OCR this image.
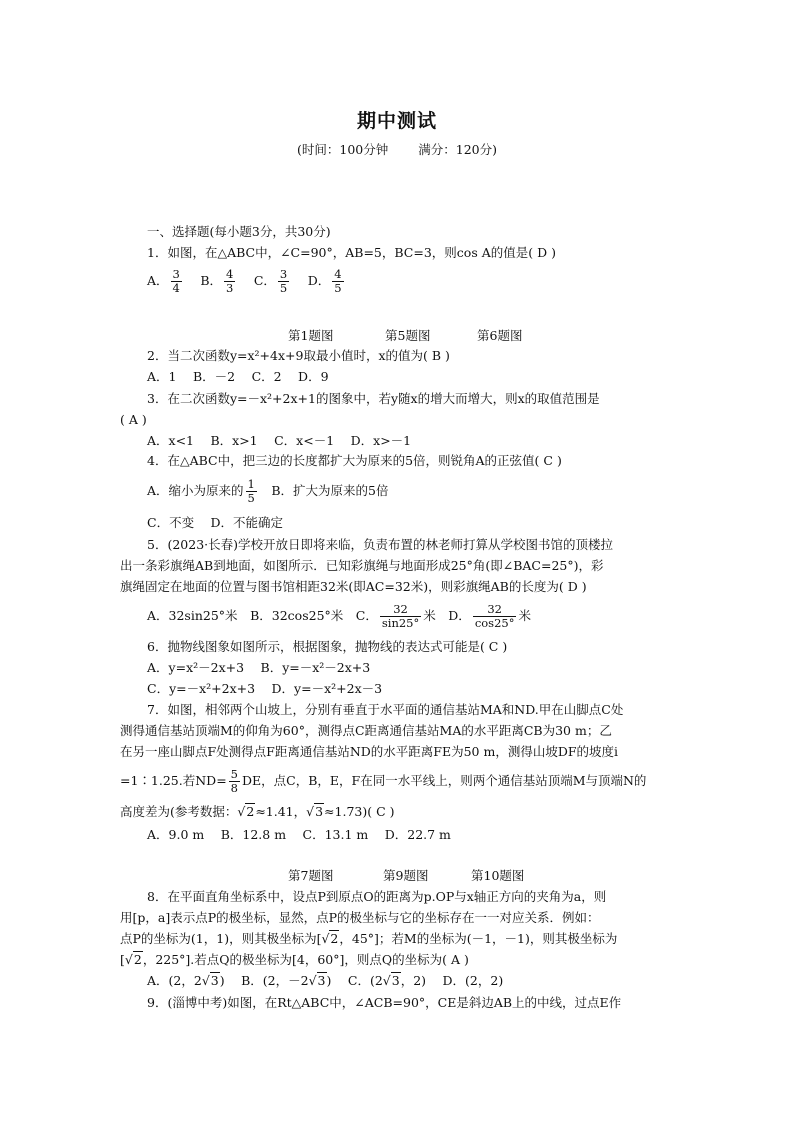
期中测试
(时间：100分钟 满分：120分)
一、选择题(每小题3分，共30分)
1．如图，在△ABC中，∠C=90°，AB=5，BC=3，则cos A的值是( D )
A． $\frac{3}{4}$
　 B． $\frac{4}{3}$
　 C． $\frac{3}{5}$
　 D． $\frac{4}{5}$
第1题图	第5题图	第6题图
2．当二次函数y=x²+4x+9取最小值时，x的值为( B )
A．1　 B．－2　 C．2　 D．9
3．在二次函数y=－x²+2x+1的图象中，若y随x的增大而增大，则x的取值范围是
( A )
A．x<1　 B．x>1　 C．x<－1　 D．x>－1
4．在△ABC中，把三边的长度都扩大为原来的5倍，则锐角A的正弦值( C )
A．缩小为原来的 $\frac{1}{5}$
　 B．扩大为原来的5倍
C．不变　 D．不能确定
5．(2023·长春)学校开放日即将来临，负责布置的林老师打算从学校图书馆的顶楼拉
出一条彩旗绳AB到地面，如图所示．已知彩旗绳与地面形成25°角(即∠BAC=25°)，彩
旗绳固定在地面的位置与图书馆相距32米(即AC=32米)，则彩旗绳AB的长度为( D )
A．32sin25°米　 B．32cos25°米　 C． $\frac{32}{\sin 25^\circ}$ 米　 D． $\frac{32}{\cos 25^\circ}$ 米
6．抛物线图象如图所示，根据图象，抛物线的表达式可能是( C )
A．y=x²－2x+3　 B．y=－x²－2x+3
C．y=－x²+2x+3　 D．y=－x²+2x－3
7．如图，相邻两个山坡上，分别有垂直于水平面的通信基站MA和ND.甲在山脚点C处
测得通信基站顶端M的仰角为60°，测得点C距离通信基站MA的水平距离CB为30 m；乙
在另一座山脚点F处测得点F距离通信基站ND的水平距离FE为50 m，测得山坡DF的坡度i
=1∶1.25.若$ND= \frac{5}{8}$ DE，点C，B，E，F在同一水平线上，则两个通信基站顶端M与顶端N的
高度差为(参考数据：√2≈1.41，√3≈1.73)( C )
A．9.0 m　 B．12.8 m　 C．13.1 m　 D．22.7 m
第7题图	第9题图	第10题图
8．在平面直角坐标系中，设点P到原点O的距离为p.OP与x轴正方向的夹角为a，则
用[p，a]表示点P的极坐标，显然，点P的极坐标与它的坐标存在一一对应关系．例如：
点P的坐标为(1，1)，则其极坐标为[√2，45°]；若M的坐标为(－1，－1)，则其极坐标为
[√2，225°].若点Q的极坐标为[4，60°]，则点Q的坐标为( A )
A．(2，2√3)　 B．(2，－2√3)　 C．(2√3，2)　 D．(2，2)
9．(淄博中考)如图，在Rt△ABC中，∠ACB=90°，CE是斜边AB上的中线，过点E作
